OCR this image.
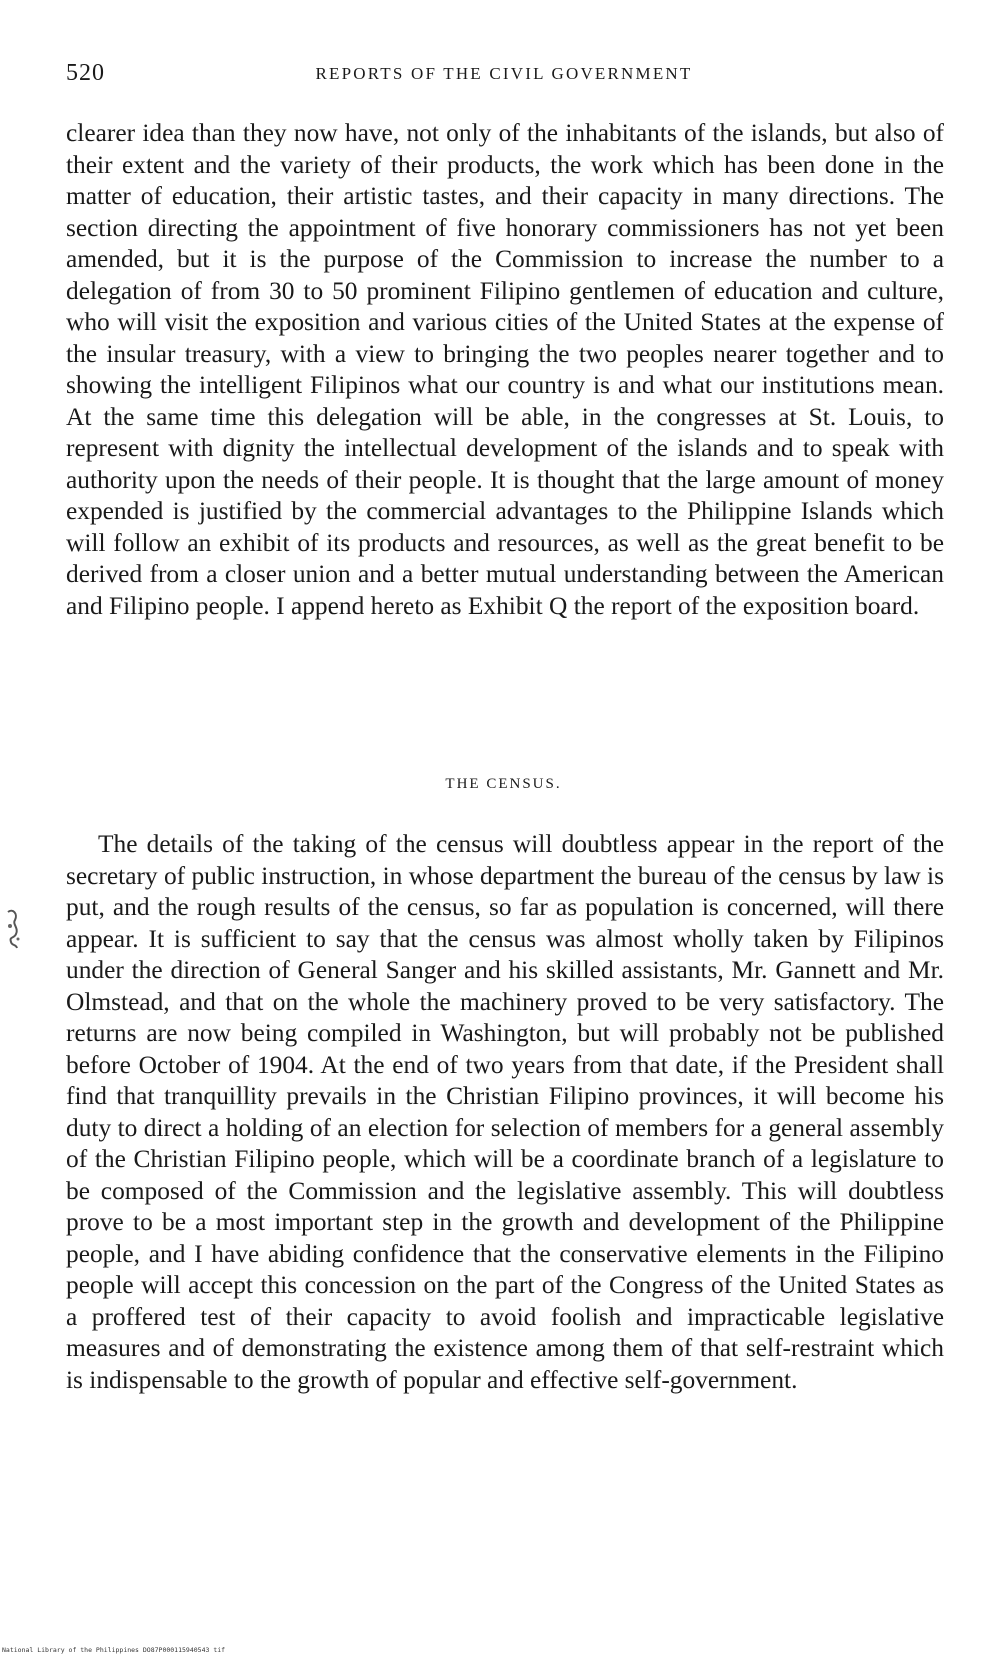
520	REPORTS OF THE CIVIL GOVERNMENT

clearer idea than they now have, not only of the inhabitants of the islands, but also of their extent and the variety of their products, the work which has been done in the matter of education, their artistic tastes, and their capacity in many directions. The section directing the appointment of five honorary commissioners has not yet been amended, but it is the purpose of the Commission to increase the number to a delegation of from 30 to 50 prominent Filipino gentlemen of education and culture, who will visit the exposition and various cities of the United States at the expense of the insular treasury, with a view to bringing the two peoples nearer together and to showing the intelligent Filipinos what our country is and what our institutions mean. At the same time this delegation will be able, in the congresses at St. Louis, to represent with dignity the intellectual development of the islands and to speak with authority upon the needs of their people. It is thought that the large amount of money expended is justified by the commercial advantages to the Philippine Islands which will follow an exhibit of its products and resources, as well as the great benefit to be derived from a closer union and a better mutual understanding between the American and Filipino people. I append hereto as Exhibit Q the report of the exposition board.

THE CENSUS.

The details of the taking of the census will doubtless appear in the report of the secretary of public instruction, in whose department the bureau of the census by law is put, and the rough results of the census, so far as population is concerned, will there appear. It is sufficient to say that the census was almost wholly taken by Filipinos under the direction of General Sanger and his skilled assistants, Mr. Gannett and Mr. Olmstead, and that on the whole the machinery proved to be very satisfactory. The returns are now being compiled in Washington, but will probably not be published before October of 1904. At the end of two years from that date, if the President shall find that tranquillity prevails in the Christian Filipino provinces, it will become his duty to direct a holding of an election for selection of members for a general assembly of the Christian Filipino people, which will be a coordinate branch of a legislature to be composed of the Commission and the legislative assembly. This will doubtless prove to be a most important step in the growth and development of the Philippine people, and I have abiding confidence that the conservative elements in the Filipino people will accept this concession on the part of the Congress of the United States as a proffered test of their capacity to avoid foolish and impracticable legislative measures and of demonstrating the existence among them of that self-restraint which is indispensable to the growth of popular and effective self-government.

National Library of the Philippines DO87P000115940543 tif
